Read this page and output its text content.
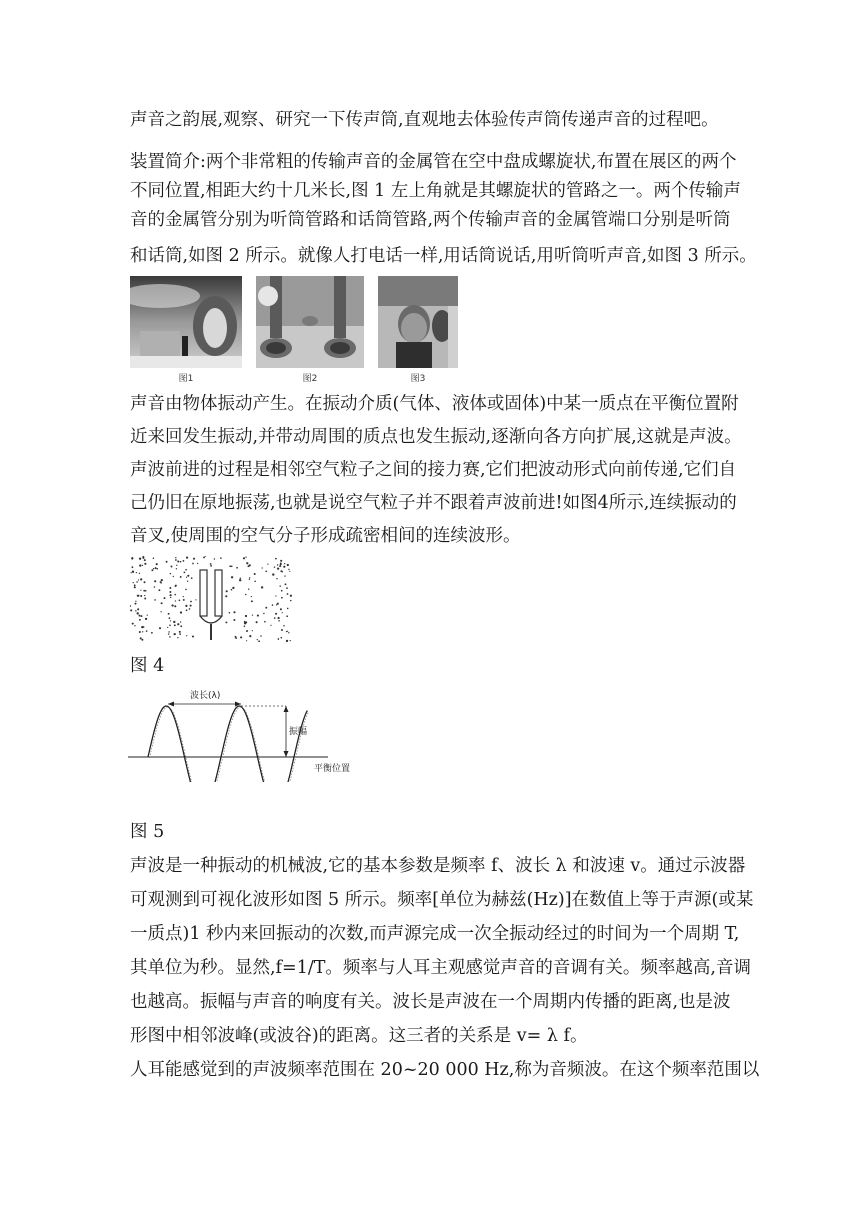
声音之韵展,观察、研究一下传声筒,直观地去体验传声筒传递声音的过程吧。
装置简介:两个非常粗的传输声音的金属管在空中盘成螺旋状,布置在展区的两个
不同位置,相距大约十几米长,图 1 左上角就是其螺旋状的管路之一。两个传输声
音的金属管分别为听筒管路和话筒管路,两个传输声音的金属管端口分别是听筒
和话筒,如图 2 所示。就像人打电话一样,用话筒说话,用听筒听声音,如图 3 所示。
图1	图2	图3
声音由物体振动产生。在振动介质(气体、液体或固体)中某一质点在平衡位置附
近来回发生振动,并带动周围的质点也发生振动,逐渐向各方向扩展,这就是声波。
声波前进的过程是相邻空气粒子之间的接力赛,它们把波动形式向前传递,它们自
己仍旧在原地振荡,也就是说空气粒子并不跟着声波前进!如图4所示,连续振动的
音叉,使周围的空气分子形成疏密相间的连续波形。
图 4
波长(λ)
振幅
平衡位置
图 5
声波是一种振动的机械波,它的基本参数是频率 f、波长 λ 和波速 v。通过示波器
可观测到可视化波形如图 5 所示。频率[单位为赫兹(Hz)]在数值上等于声源(或某
一质点)1 秒内来回振动的次数,而声源完成一次全振动经过的时间为一个周期 T,
其单位为秒。显然,f=1/T。频率与人耳主观感觉声音的音调有关。频率越高,音调
也越高。振幅与声音的响度有关。波长是声波在一个周期内传播的距离,也是波
形图中相邻波峰(或波谷)的距离。这三者的关系是 v= λ f。
人耳能感觉到的声波频率范围在 20~20 000 Hz,称为音频波。在这个频率范围以
